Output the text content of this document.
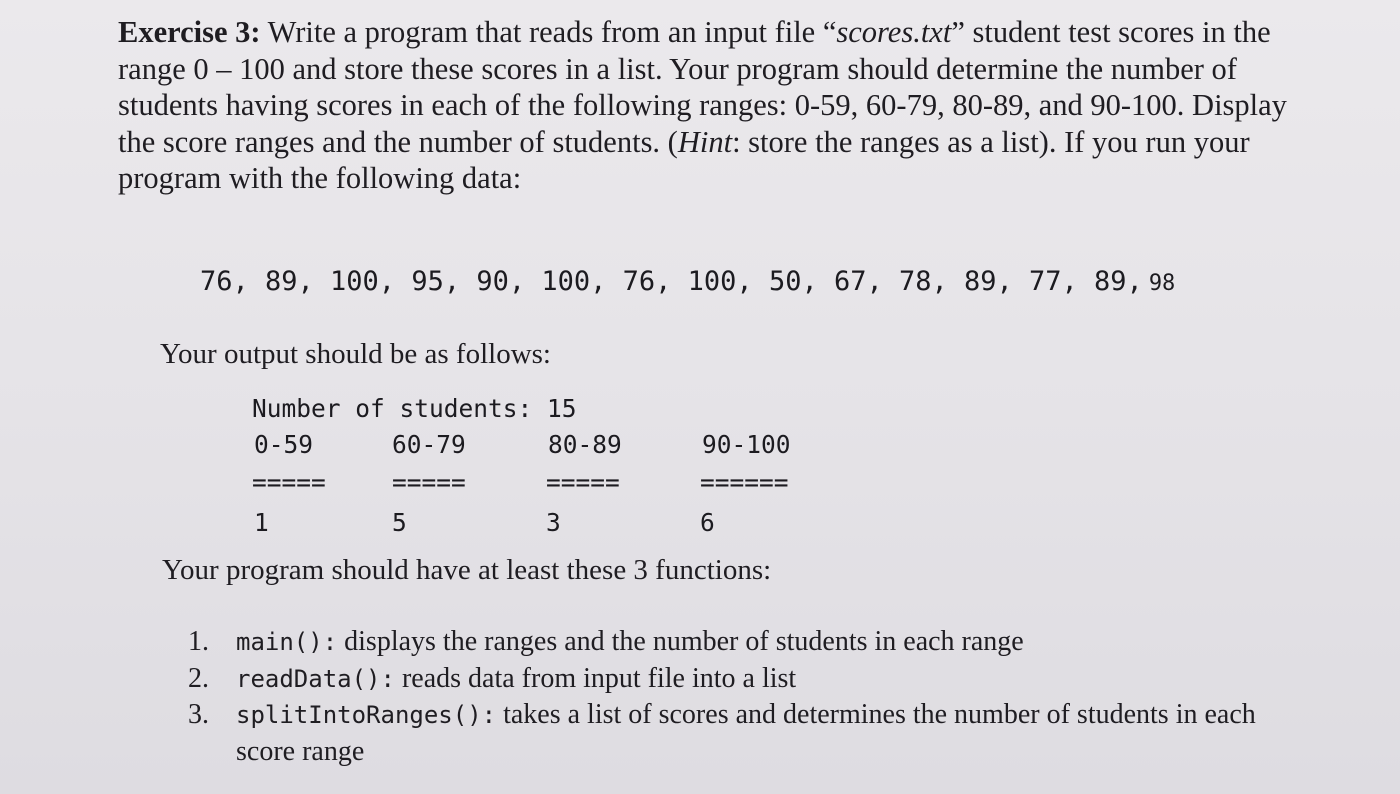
Exercise 3: Write a program that reads from an input file “scores.txt” student test scores in the range 0 – 100 and store these scores in a list. Your program should determine the number of students having scores in each of the following ranges: 0-59, 60-79, 80-89, and 90-100. Display the score ranges and the number of students. (Hint: store the ranges as a list). If you run your program with the following data:

76, 89, 100, 95, 90, 100, 76, 100, 50, 67, 78, 89, 77, 89, 98

Your output should be as follows:

Number of students: 15
0-59	60-79	80-89	90-100
=====	=====	=====	======
1	5	3	6

Your program should have at least these 3 functions:

1. main(): displays the ranges and the number of students in each range
2. readData(): reads data from input file into a list
3. splitIntoRanges(): takes a list of scores and determines the number of students in each score range
